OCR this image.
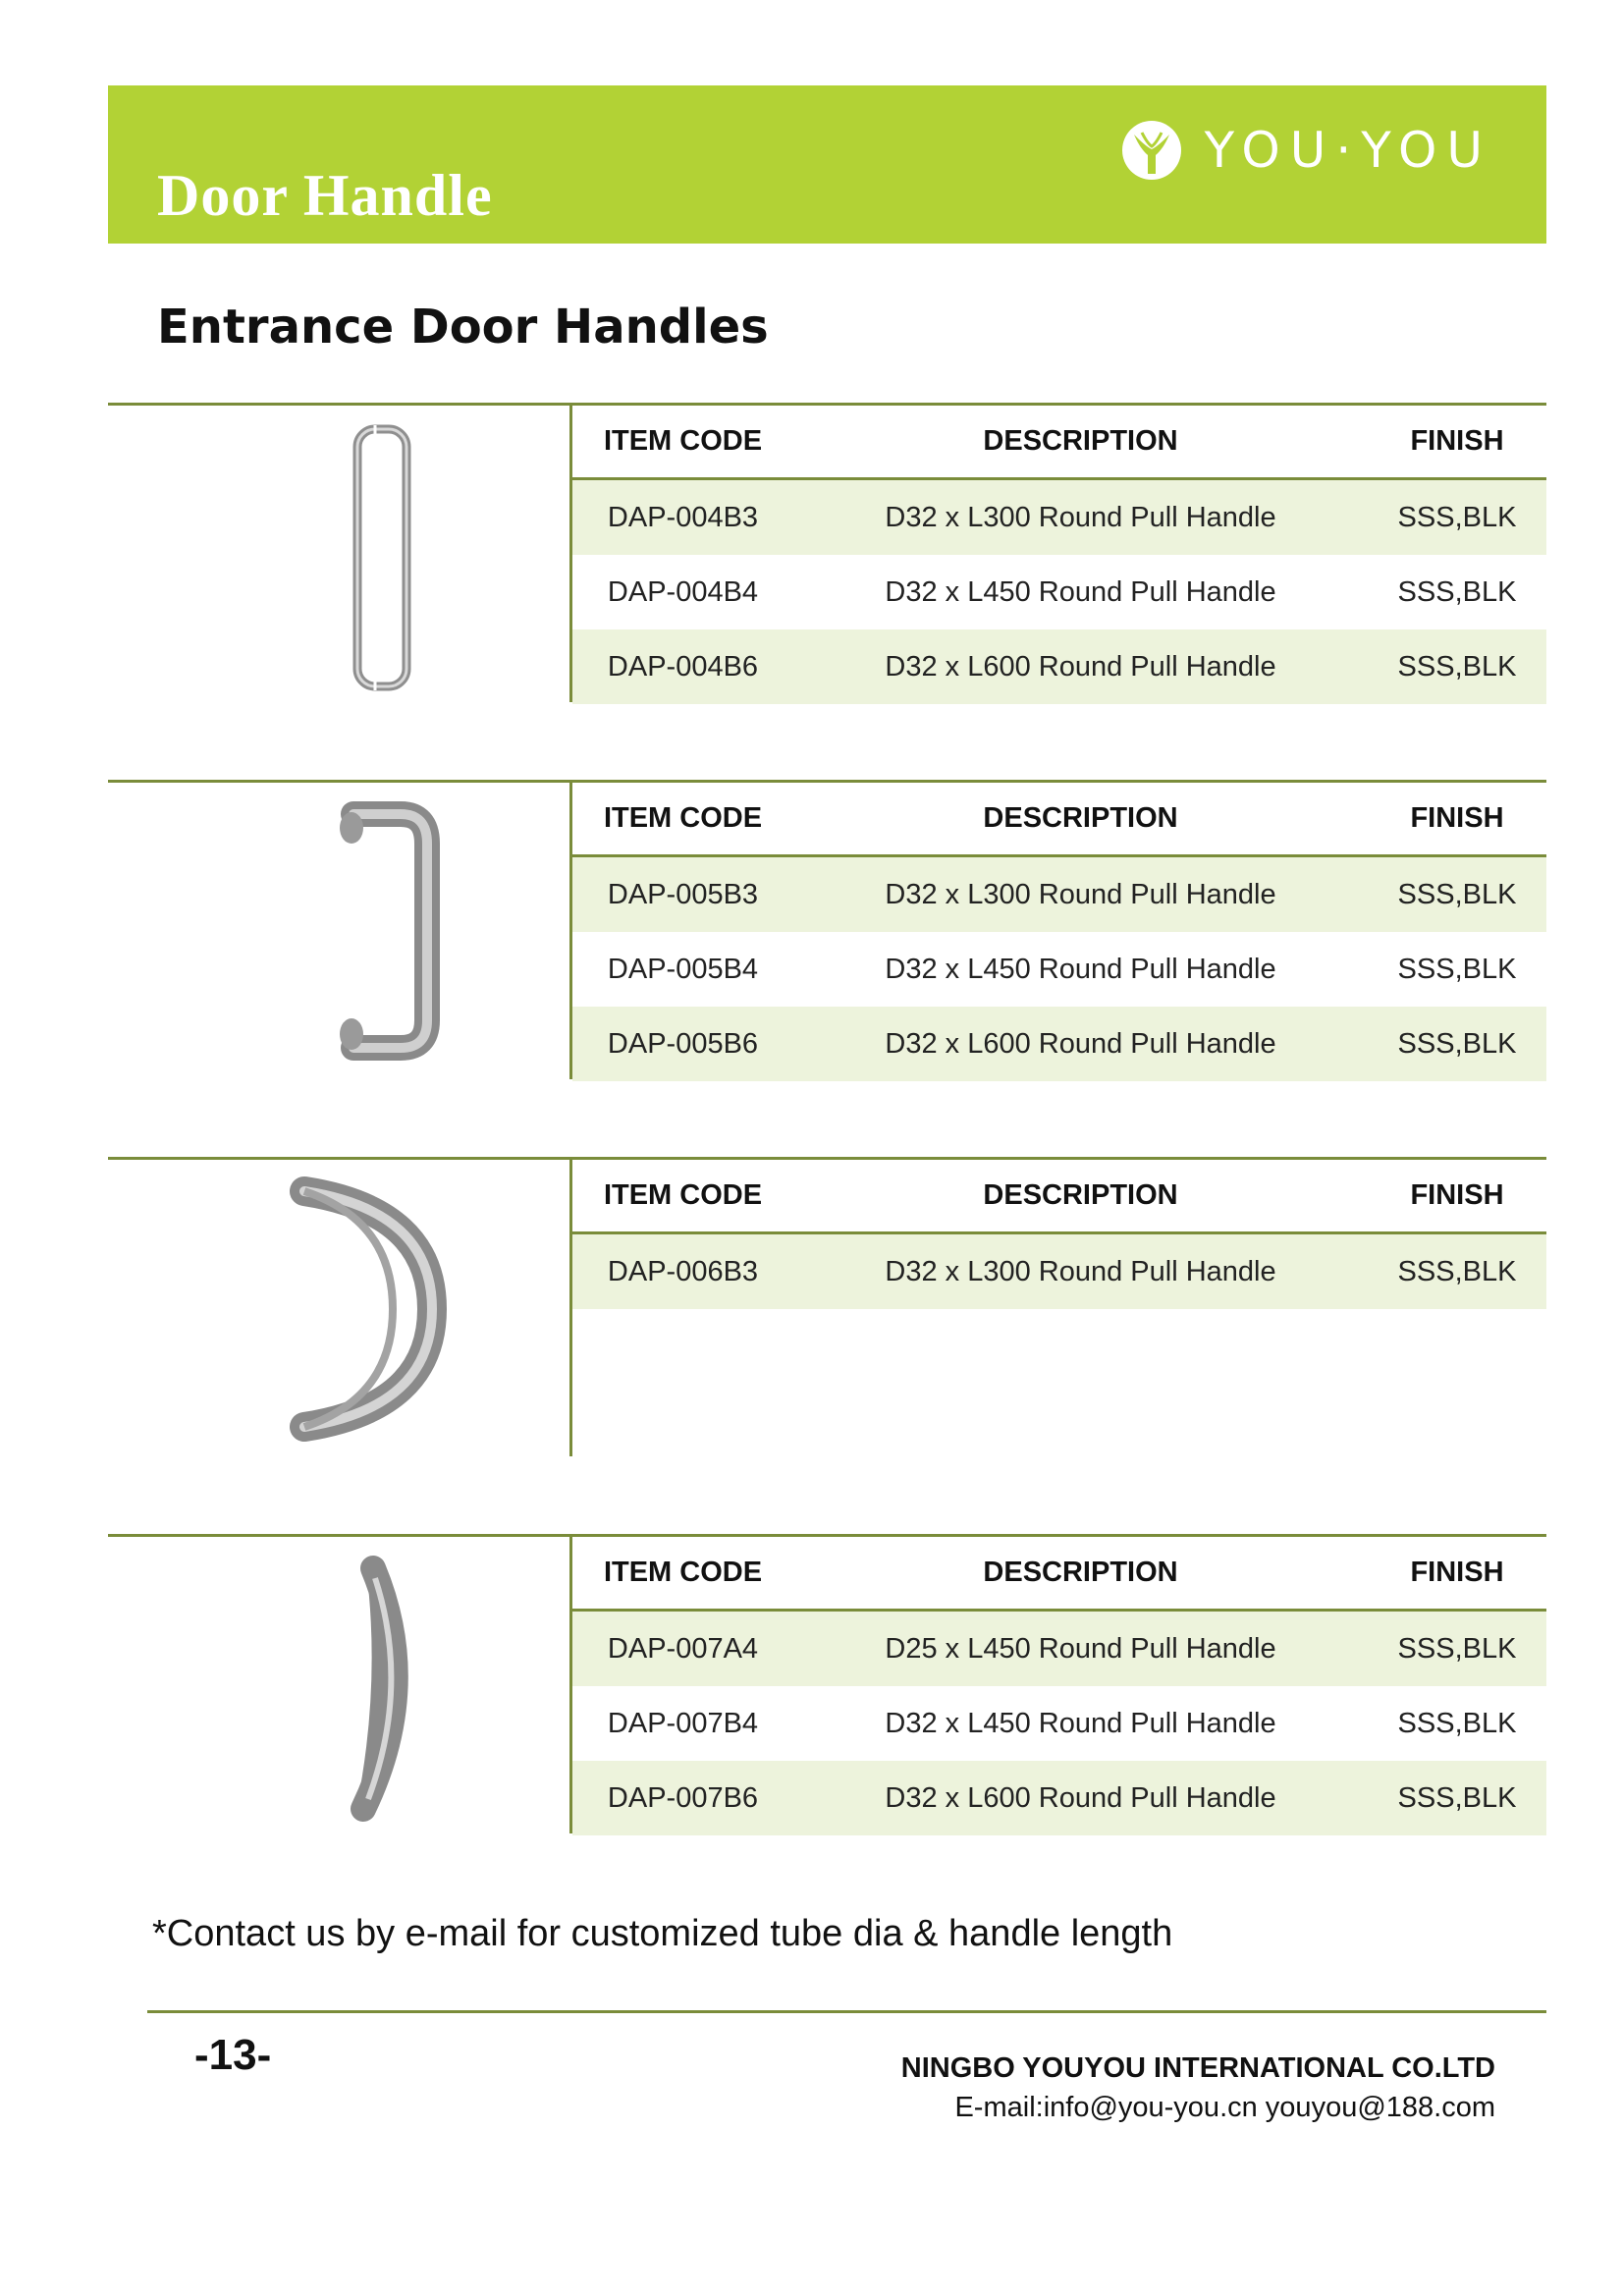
Door Handle
YOU·YOU
Entrance Door Handles
ITEM CODE	DESCRIPTION	FINISH
DAP-004B3	D32 x L300 Round Pull Handle	SSS,BLK
DAP-004B4	D32 x L450 Round Pull Handle	SSS,BLK
DAP-004B6	D32 x L600 Round Pull Handle	SSS,BLK
ITEM CODE	DESCRIPTION	FINISH
DAP-005B3	D32 x L300 Round Pull Handle	SSS,BLK
DAP-005B4	D32 x L450 Round Pull Handle	SSS,BLK
DAP-005B6	D32 x L600 Round Pull Handle	SSS,BLK
ITEM CODE	DESCRIPTION	FINISH
DAP-006B3	D32 x L300 Round Pull Handle	SSS,BLK
ITEM CODE	DESCRIPTION	FINISH
DAP-007A4	D25 x L450 Round Pull Handle	SSS,BLK
DAP-007B4	D32 x L450 Round Pull Handle	SSS,BLK
DAP-007B6	D32 x L600 Round Pull Handle	SSS,BLK
*Contact us by e-mail for customized tube dia & handle length
-13-	NINGBO YOUYOU INTERNATIONAL CO.LTD
E-mail:info@you-you.cn youyou@188.com
